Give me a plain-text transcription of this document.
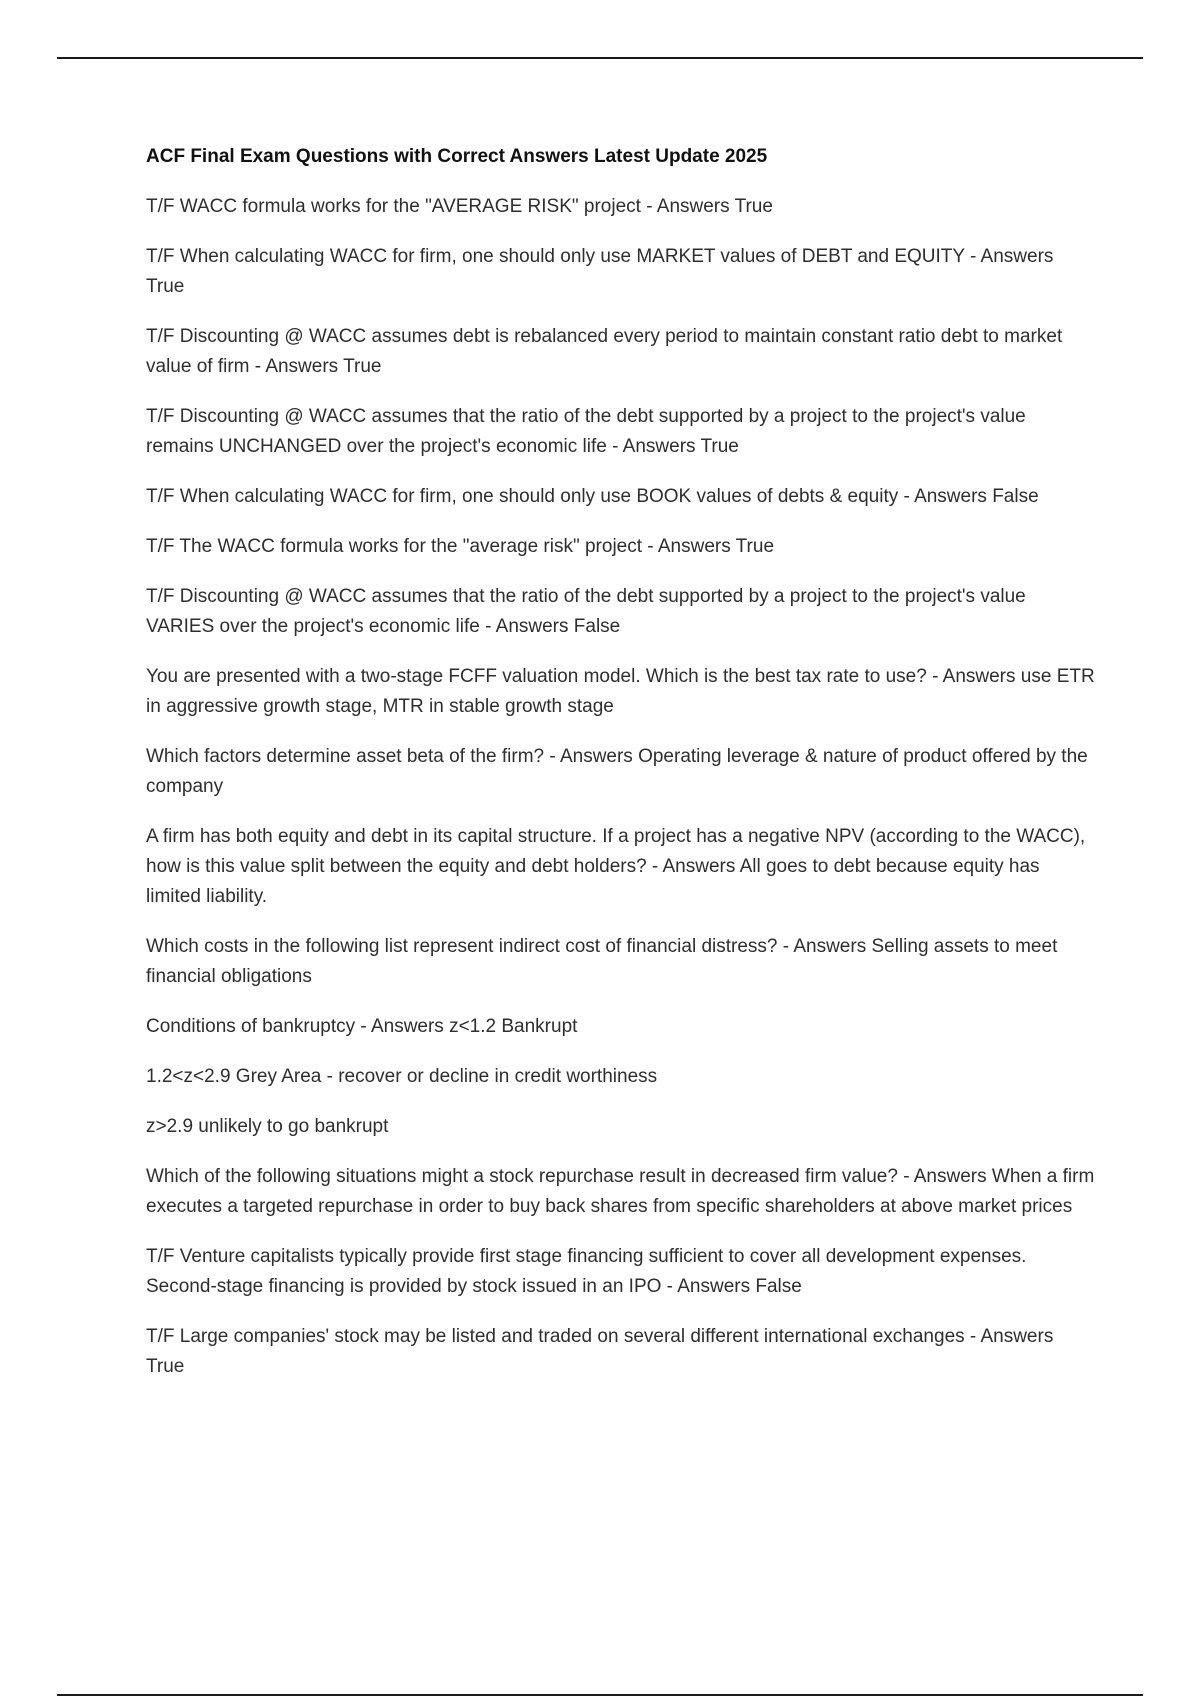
ACF Final Exam Questions with Correct Answers Latest Update 2025

T/F WACC formula works for the "AVERAGE RISK" project - Answers True

T/F When calculating WACC for firm, one should only use MARKET values of DEBT and EQUITY - Answers True

T/F Discounting @ WACC assumes debt is rebalanced every period to maintain constant ratio debt to market value of firm - Answers True

T/F Discounting @ WACC assumes that the ratio of the debt supported by a project to the project's value remains UNCHANGED over the project's economic life - Answers True

T/F When calculating WACC for firm, one should only use BOOK values of debts & equity - Answers False

T/F The WACC formula works for the "average risk" project - Answers True

T/F Discounting @ WACC assumes that the ratio of the debt supported by a project to the project's value VARIES over the project's economic life - Answers False

You are presented with a two-stage FCFF valuation model. Which is the best tax rate to use? - Answers use ETR in aggressive growth stage, MTR in stable growth stage

Which factors determine asset beta of the firm? - Answers Operating leverage & nature of product offered by the company

A firm has both equity and debt in its capital structure. If a project has a negative NPV (according to the WACC), how is this value split between the equity and debt holders? - Answers All goes to debt because equity has limited liability.

Which costs in the following list represent indirect cost of financial distress? - Answers Selling assets to meet financial obligations

Conditions of bankruptcy - Answers z<1.2 Bankrupt

1.2<z<2.9 Grey Area - recover or decline in credit worthiness

z>2.9 unlikely to go bankrupt

Which of the following situations might a stock repurchase result in decreased firm value? - Answers When a firm executes a targeted repurchase in order to buy back shares from specific shareholders at above market prices

T/F Venture capitalists typically provide first stage financing sufficient to cover all development expenses. Second-stage financing is provided by stock issued in an IPO - Answers False

T/F Large companies' stock may be listed and traded on several different international exchanges - Answers True
